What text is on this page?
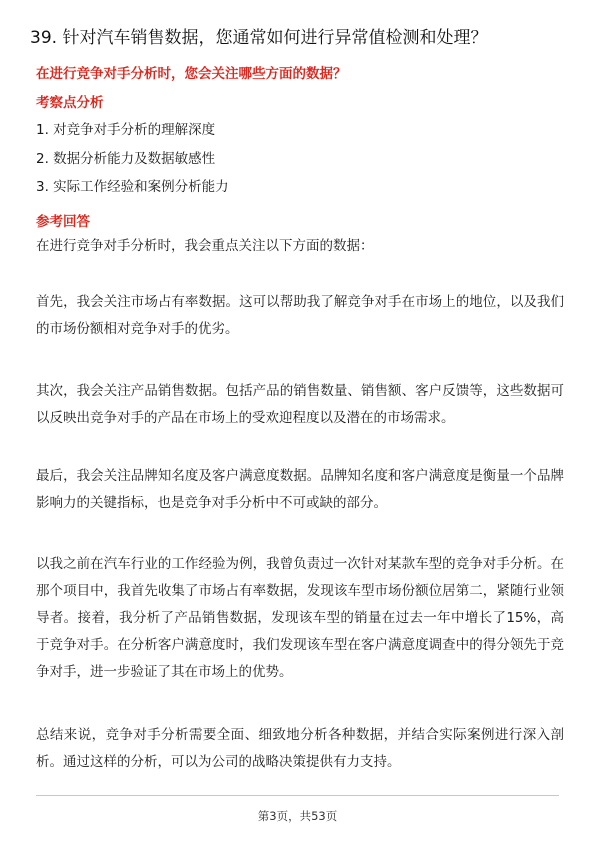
39. 针对汽车销售数据，您通常如何进行异常值检测和处理？
在进行竞争对手分析时，您会关注哪些方面的数据？
考察点分析
1. 对竞争对手分析的理解深度
2. 数据分析能力及数据敏感性
3. 实际工作经验和案例分析能力
参考回答

在进行竞争对手分析时，我会重点关注以下方面的数据：

首先，我会关注市场占有率数据。这可以帮助我了解竞争对手在市场上的地位，以及我们的市场份额相对竞争对手的优劣。

其次，我会关注产品销售数据。包括产品的销售数量、销售额、客户反馈等，这些数据可以反映出竞争对手的产品在市场上的受欢迎程度以及潜在的市场需求。

最后，我会关注品牌知名度及客户满意度数据。品牌知名度和客户满意度是衡量一个品牌影响力的关键指标，也是竞争对手分析中不可或缺的部分。

以我之前在汽车行业的工作经验为例，我曾负责过一次针对某款车型的竞争对手分析。在那个项目中，我首先收集了市场占有率数据，发现该车型市场份额位居第二，紧随行业领导者。接着，我分析了产品销售数据，发现该车型的销量在过去一年中增长了15%，高于竞争对手。在分析客户满意度时，我们发现该车型在客户满意度调查中的得分领先于竞争对手，进一步验证了其在市场上的优势。

总结来说，竞争对手分析需要全面、细致地分析各种数据，并结合实际案例进行深入剖析。通过这样的分析，可以为公司的战略决策提供有力支持。

第3页，共53页
